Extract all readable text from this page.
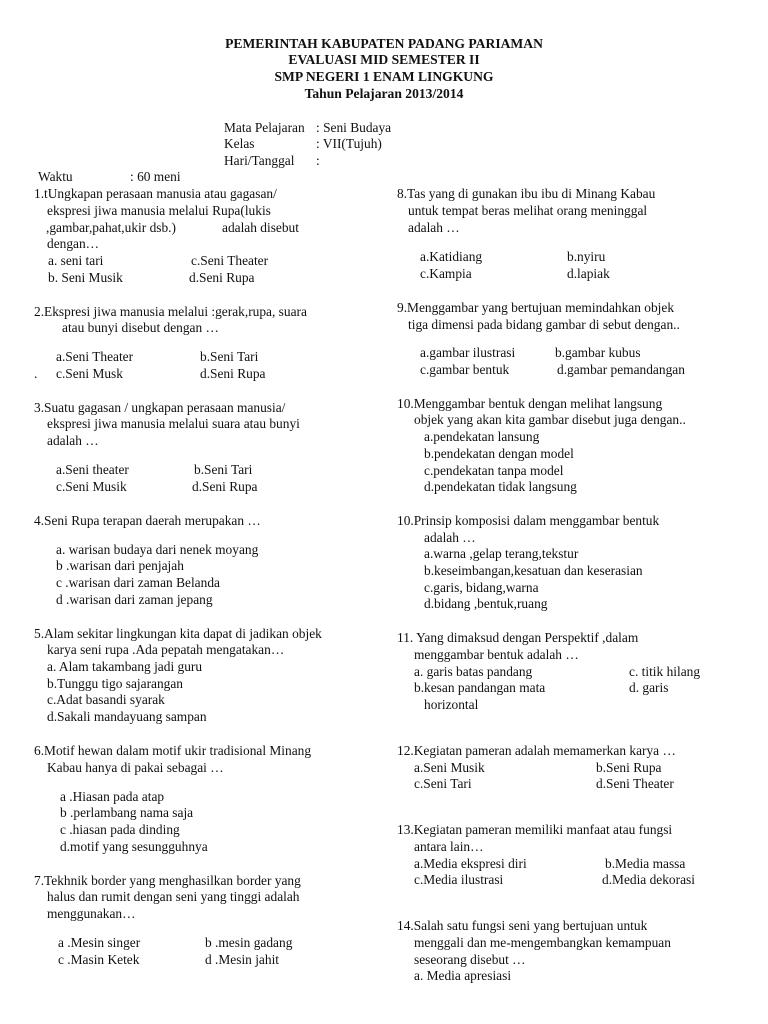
PEMERINTAH KABUPATEN PADANG PARIAMAN
EVALUASI MID SEMESTER II
SMP NEGERI 1 ENAM LINGKUNG
Tahun Pelajaran 2013/2014
Mata Pelajaran : Seni Budaya
Kelas	: VII(Tujuh)
Hari/Tanggal :
Waktu	: 60 meni
1.tUngkapan perasaan manusia atau gagasan/
ekspresi jiwa manusia melalui Rupa(lukis
,gambar,pahat,ukir dsb.)	adalah disebut
dengan…
a. seni tari	c.Seni Theater
b. Seni Musik	d.Seni Rupa
2.Ekspresi jiwa manusia melalui :gerak,rupa, suara
atau bunyi disebut dengan …
a.Seni Theater	b.Seni Tari
. c.Seni Musk	d.Seni Rupa
3.Suatu gagasan / ungkapan perasaan manusia/
ekspresi jiwa manusia melalui suara atau bunyi
adalah …
a.Seni theater	b.Seni Tari
c.Seni Musik	d.Seni Rupa
4.Seni Rupa terapan daerah merupakan …
a. warisan budaya dari nenek moyang
b .warisan dari penjajah
c .warisan dari zaman Belanda
d .warisan dari zaman jepang
5.Alam sekitar lingkungan kita dapat di jadikan objek
karya seni rupa .Ada pepatah mengatakan…
a. Alam takambang jadi guru
b.Tunggu tigo sajarangan
c.Adat basandi syarak
d.Sakali mandayuang sampan
6.Motif hewan dalam motif ukir tradisional Minang
Kabau hanya di pakai sebagai …
a .Hiasan pada atap
b .perlambang nama saja
c .hiasan pada dinding
d.motif yang sesungguhnya
7.Tekhnik border yang menghasilkan border yang
halus dan rumit dengan seni yang tinggi adalah
menggunakan…
a .Mesin singer	b .mesin gadang
c .Masin Ketek	d .Mesin jahit
8.Tas yang di gunakan ibu ibu di Minang Kabau
untuk tempat beras melihat orang meninggal
adalah …
a.Katidiang	b.nyiru
c.Kampia	d.lapiak
9.Menggambar yang bertujuan memindahkan objek
tiga dimensi pada bidang gambar di sebut dengan..
a.gambar ilustrasi	b.gambar kubus
c.gambar bentuk	d.gambar pemandangan
10.Menggambar bentuk dengan melihat langsung
objek yang akan kita gambar disebut juga dengan..
a.pendekatan lansung
b.pendekatan dengan model
c.pendekatan tanpa model
d.pendekatan tidak langsung
10.Prinsip komposisi dalam menggambar bentuk
adalah …
a.warna ,gelap terang,tekstur
b.keseimbangan,kesatuan dan keserasian
c.garis, bidang,warna
d.bidang ,bentuk,ruang
11. Yang dimaksud dengan Perspektif ,dalam
menggambar bentuk adalah …
a. garis batas pandang	c. titik hilang
b.kesan pandangan mata	d. garis
horizontal
12.Kegiatan pameran adalah memamerkan karya …
a.Seni Musik	b.Seni Rupa
c.Seni Tari	d.Seni Theater
13.Kegiatan pameran memiliki manfaat atau fungsi
antara lain…
a.Media ekspresi diri	b.Media massa
c.Media ilustrasi	d.Media dekorasi
14.Salah satu fungsi seni yang bertujuan untuk
menggali dan me-mengembangkan kemampuan
seseorang disebut …
a. Media apresiasi
